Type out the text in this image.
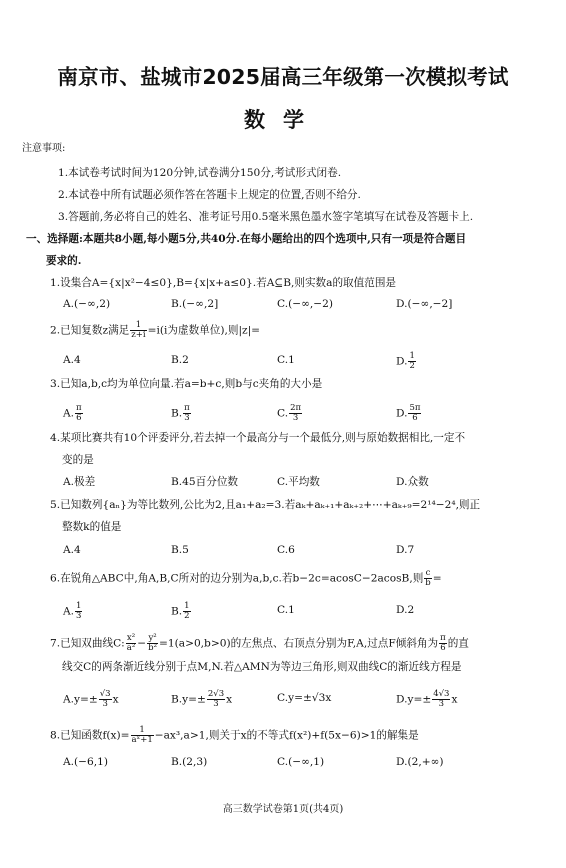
南京市、盐城市2025届高三年级第一次模拟考试
数学
注意事项:
1.本试卷考试时间为120分钟,试卷满分150分,考试形式闭卷.
2.本试卷中所有试题必须作答在答题卡上规定的位置,否则不给分.
3.答题前,务必将自己的姓名、准考证号用0.5毫米黑色墨水签字笔填写在试卷及答题卡上.
一、选择题:本题共8小题,每小题5分,共40分.在每小题给出的四个选项中,只有一项是符合题目
要求的.
1.设集合A={x|x²−4≤0},B={x|x+a≤0}.若A⊆B,则实数a的取值范围是
A.(−∞,2)	B.(−∞,2]	C.(−∞,−2)	D.(−∞,−2]
2.已知复数z满足 $\frac{1}{z+i} =i(i$为虚数单位),则|z|=
A.4	B.2	C.1	D. $\frac{1}{2}$
3.已知a,b,c均为单位向量.若a=b+c,则b与c夹角的大小是
A. $\frac{\pi}{6}$	B. $\frac{\pi}{3}$	C. $\frac{2\pi}{3}$	D. $\frac{5\pi}{6}$
4.某项比赛共有10个评委评分,若去掉一个最高分与一个最低分,则与原始数据相比,一定不
变的是
A.极差	B.45百分位数	C.平均数	D.众数
5.已知数列{aₙ}为等比数列,公比为2,且a₁+a₂=3.若aₖ+aₖ₊₁+aₖ₊₂+⋯+aₖ₊₉=2¹⁴−2⁴,则正
整数k的值是
A.4	B.5	C.6	D.7
6.在锐角△ABC中,角A,B,C所对的边分别为a,b,c.若b−2c=acosC−2acosB,则 $\frac{c}{b}$ =
A. $\frac{1}{3}$	B. $\frac{1}{2}$	C.1	D.2
7.已知双曲线C: $\frac{\text{x²}}{\text{a²}} - \frac{\text{y²}}{\text{b²}} =1(a>0,b>0)$的左焦点、右顶点分别为F,A,过点F倾斜角为 $\frac{\pi}{6}$ 的直
线交C的两条渐近线分别于点M,N.若△AMN为等边三角形,则双曲线C的渐近线方程是
$A.y=\pm \frac{√3}{3}$ x	$B.y=\pm \frac{2√3}{3}$ x	C.y=±√3x	$D.y=\pm \frac{4√3}{3}$ x
8.已知函数$f(x)= \frac{1}{\text{aˣ+1}} -ax^3,a>1$,则关于x的不等式f(x²)+f(5x−6)>1的解集是
A.(−6,1)	B.(2,3)	C.(−∞,1)	D.(2,+∞)
高三数学试卷第1页(共4页)
